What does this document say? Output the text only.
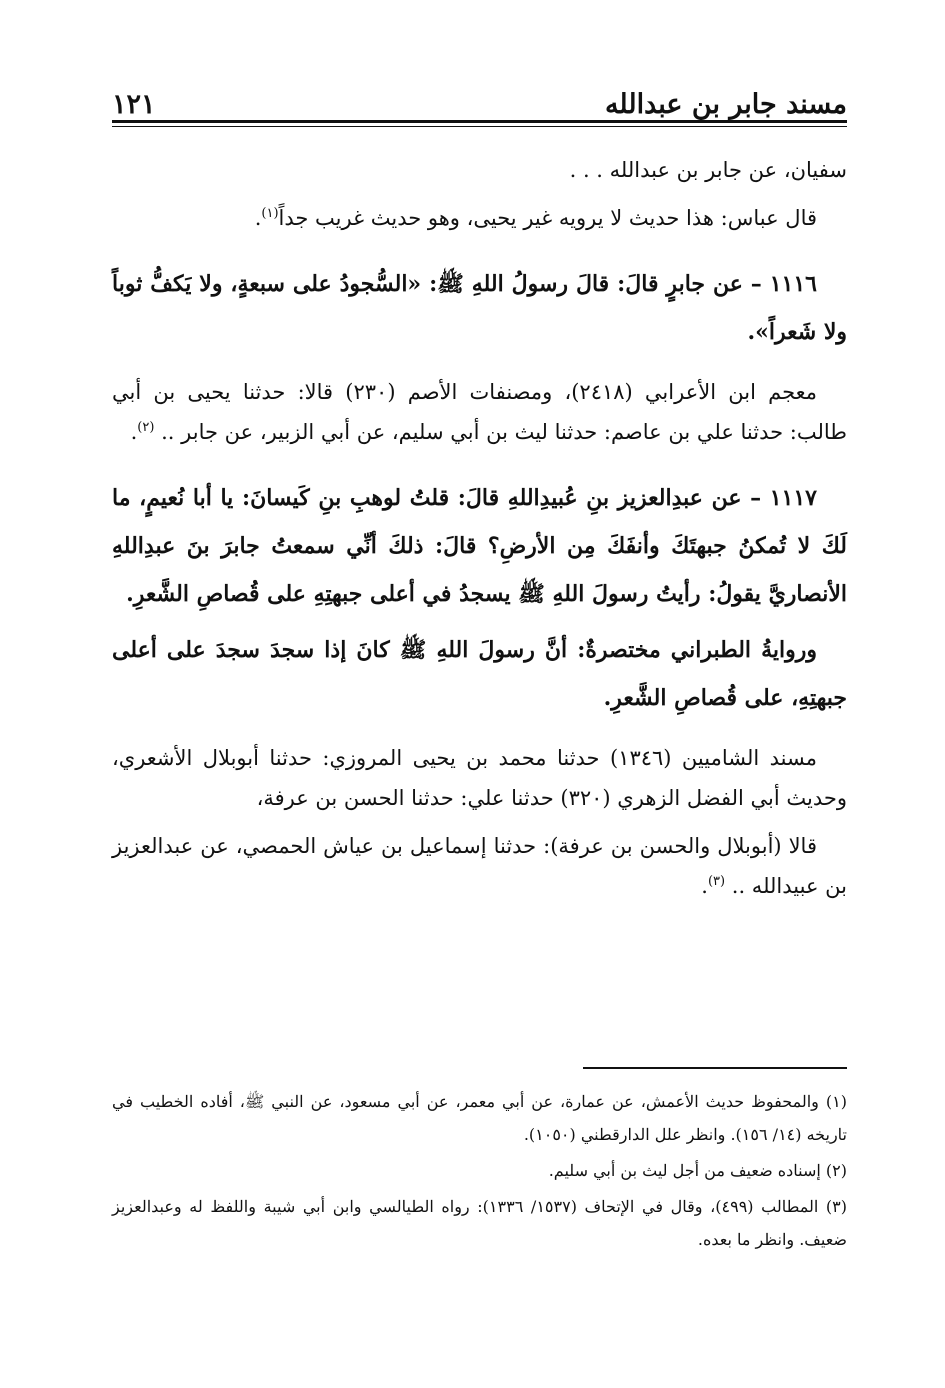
مسند جابر بن عبدالله
١٢١

سفيان، عن جابر بن عبدالله . . .

قال عباس: هذا حديث لا يرويه غير يحيى، وهو حديث غريب جداً$^{(١)}$.

١١١٦ – عن جابرٍ قالَ: قالَ رسولُ اللهِ ﷺ: «السُّجودُ على سبعةٍ، ولا يَكفُّ ثوباً ولا شَعراً».

معجم ابن الأعرابي (٢٤١٨)، ومصنفات الأصم (٢٣٠) قالا: حدثنا يحيى بن أبي طالب: حدثنا علي بن عاصم: حدثنا ليث بن أبي سليم، عن أبي الزبير، عن جابر .. $^{(٢)}$.

١١١٧ – عن عبدِالعزيز بنِ عُبيدِاللهِ قالَ: قلتُ لوهبِ بنِ كَيسانَ: يا أبا نُعيمٍ، ما لَكَ لا تُمكنُ جبهتَكَ وأنفَكَ مِن الأرضِ؟ قالَ: ذلكَ أنِّي سمعتُ جابرَ بنَ عبدِاللهِ الأنصاريَّ يقولُ: رأيتُ رسولَ اللهِ ﷺ يسجدُ في أعلى جبهتِهِ على قُصاصِ الشَّعرِ.

وروايةُ الطبراني مختصرةٌ: أنَّ رسولَ اللهِ ﷺ كانَ إذا سجدَ سجدَ على أعلى جبهتِهِ، على قُصاصِ الشَّعرِ.

مسند الشاميين (١٣٤٦) حدثنا محمد بن يحيى المروزي: حدثنا أبوبلال الأشعري، وحديث أبي الفضل الزهري (٣٢٠) حدثنا علي: حدثنا الحسن بن عرفة،

قالا (أبوبلال والحسن بن عرفة): حدثنا إسماعيل بن عياش الحمصي، عن عبدالعزيز بن عبيدالله .. $^{(٣)}$.

(١) والمحفوظ حديث الأعمش، عن عمارة، عن أبي معمر، عن أبي مسعود، عن النبي ﷺ، أفاده الخطيب في تاريخه (١٤/ ١٥٦). وانظر علل الدارقطني (١٠٥٠).

(٢) إسناده ضعيف من أجل ليث بن أبي سليم.

(٣) المطالب (٤٩٩)، وقال في الإتحاف (١٥٣٧/ ١٣٣٦): رواه الطيالسي وابن أبي شيبة واللفظ له وعبدالعزيز ضعيف. وانظر ما بعده.
